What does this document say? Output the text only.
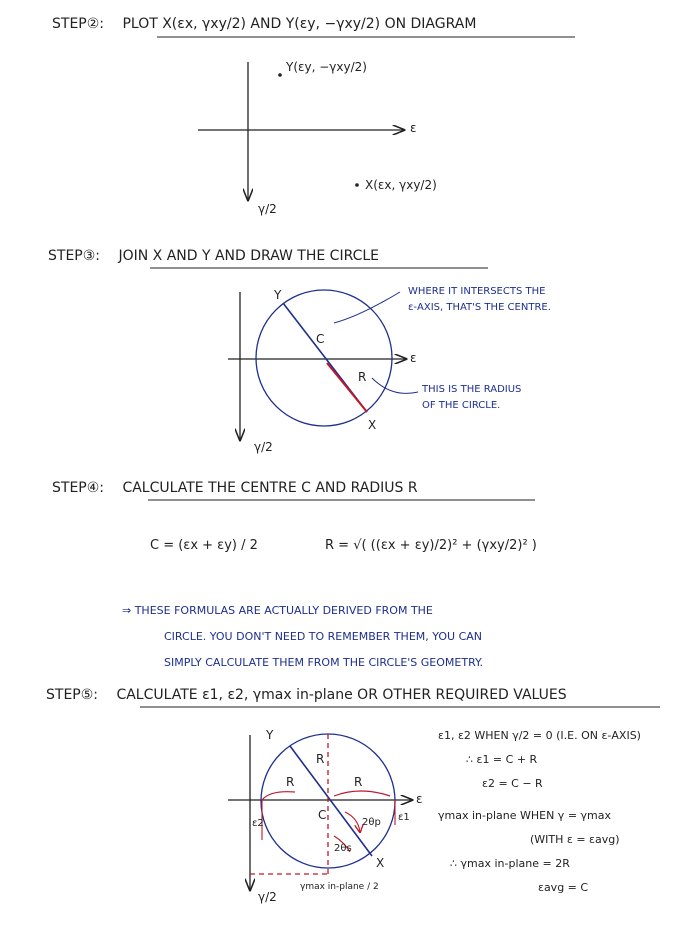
STEP②: PLOT X(εx, γxy/2) AND Y(εy, −γxy/2) ON DIAGRAM
Y(εy, −γxy/2)
X(εx, γxy/2)
ε
γ/2
STEP③: JOIN X AND Y AND DRAW THE CIRCLE
Y
C
R
X
ε
γ/2
WHERE IT INTERSECTS THE
ε-AXIS, THAT'S THE CENTRE.
THIS IS THE RADIUS
OF THE CIRCLE.
STEP④: CALCULATE THE CENTRE C AND RADIUS R
C = (εx + εy) / 2	R = √( ((εx + εy)/2)² + (γxy/2)² )
⇒ THESE FORMULAS ARE ACTUALLY DERIVED FROM THE
CIRCLE. YOU DON'T NEED TO REMEMBER THEM, YOU CAN
SIMPLY CALCULATE THEM FROM THE CIRCLE'S GEOMETRY.
STEP⑤: CALCULATE ε1, ε2, γmax in-plane OR OTHER REQUIRED VALUES
Y
R
R	R
C
2θp
2θs
X
ε1
ε2
ε
γ/2
γmax in-plane / 2
ε1, ε2 WHEN γ/2 = 0 (I.E. ON ε-AXIS)
∴ ε1 = C + R
ε2 = C − R
γmax in-plane WHEN γ = γmax
(WITH ε = εavg)
∴ γmax in-plane = 2R
εavg = C
